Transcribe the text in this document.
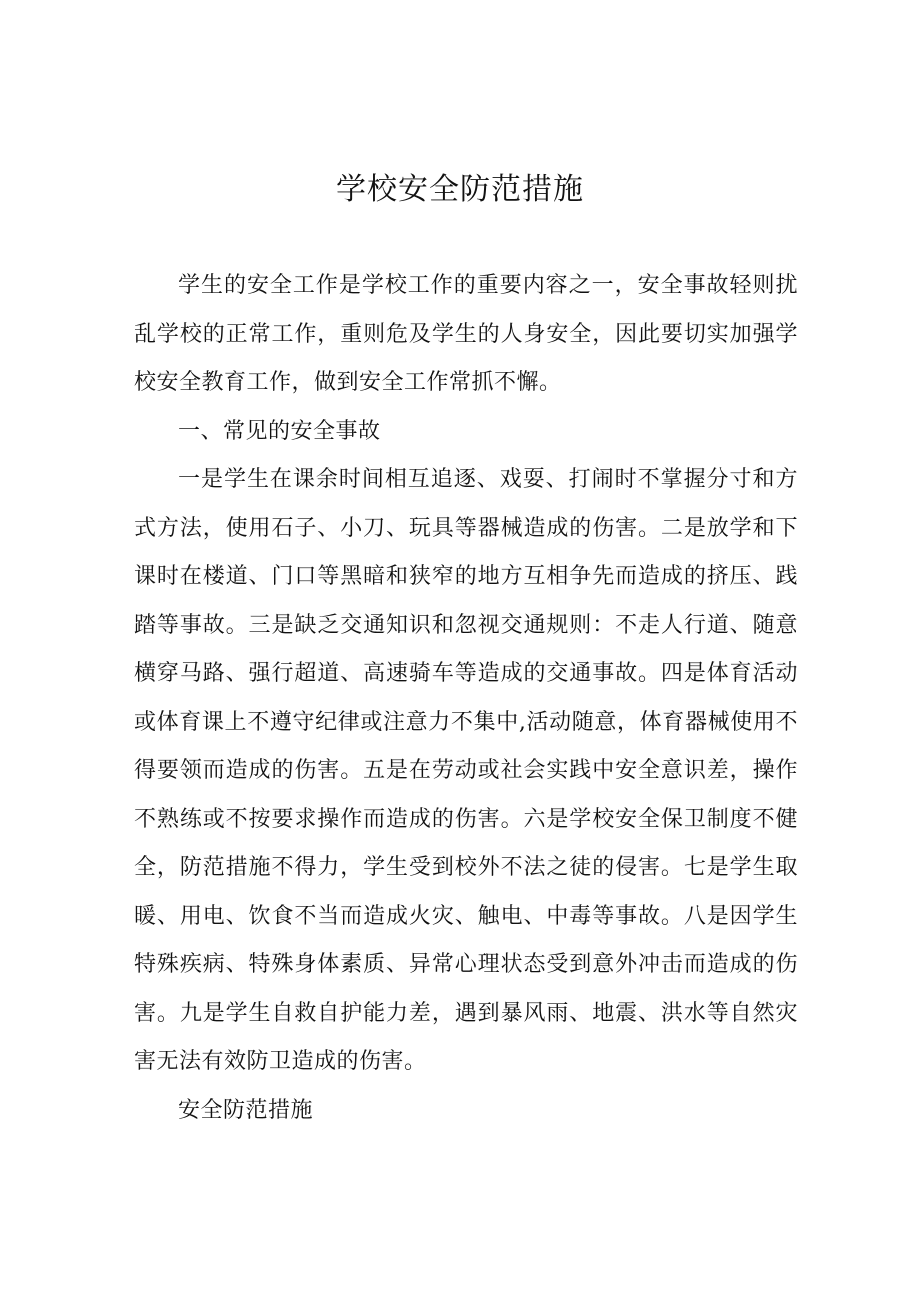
学校安全防范措施

学生的安全工作是学校工作的重要内容之一，安全事故轻则扰乱学校的正常工作，重则危及学生的人身安全，因此要切实加强学校安全教育工作，做到安全工作常抓不懈。

一、常见的安全事故

一是学生在课余时间相互追逐、戏耍、打闹时不掌握分寸和方式方法，使用石子、小刀、玩具等器械造成的伤害。二是放学和下课时在楼道、门口等黑暗和狭窄的地方互相争先而造成的挤压、践踏等事故。三是缺乏交通知识和忽视交通规则：不走人行道、随意横穿马路、强行超道、高速骑车等造成的交通事故。四是体育活动或体育课上不遵守纪律或注意力不集中,活动随意，体育器械使用不得要领而造成的伤害。五是在劳动或社会实践中安全意识差，操作不熟练或不按要求操作而造成的伤害。六是学校安全保卫制度不健全，防范措施不得力，学生受到校外不法之徒的侵害。七是学生取暖、用电、饮食不当而造成火灾、触电、中毒等事故。八是因学生特殊疾病、特殊身体素质、异常心理状态受到意外冲击而造成的伤害。九是学生自救自护能力差，遇到暴风雨、地震、洪水等自然灾害无法有效防卫造成的伤害。

安全防范措施
